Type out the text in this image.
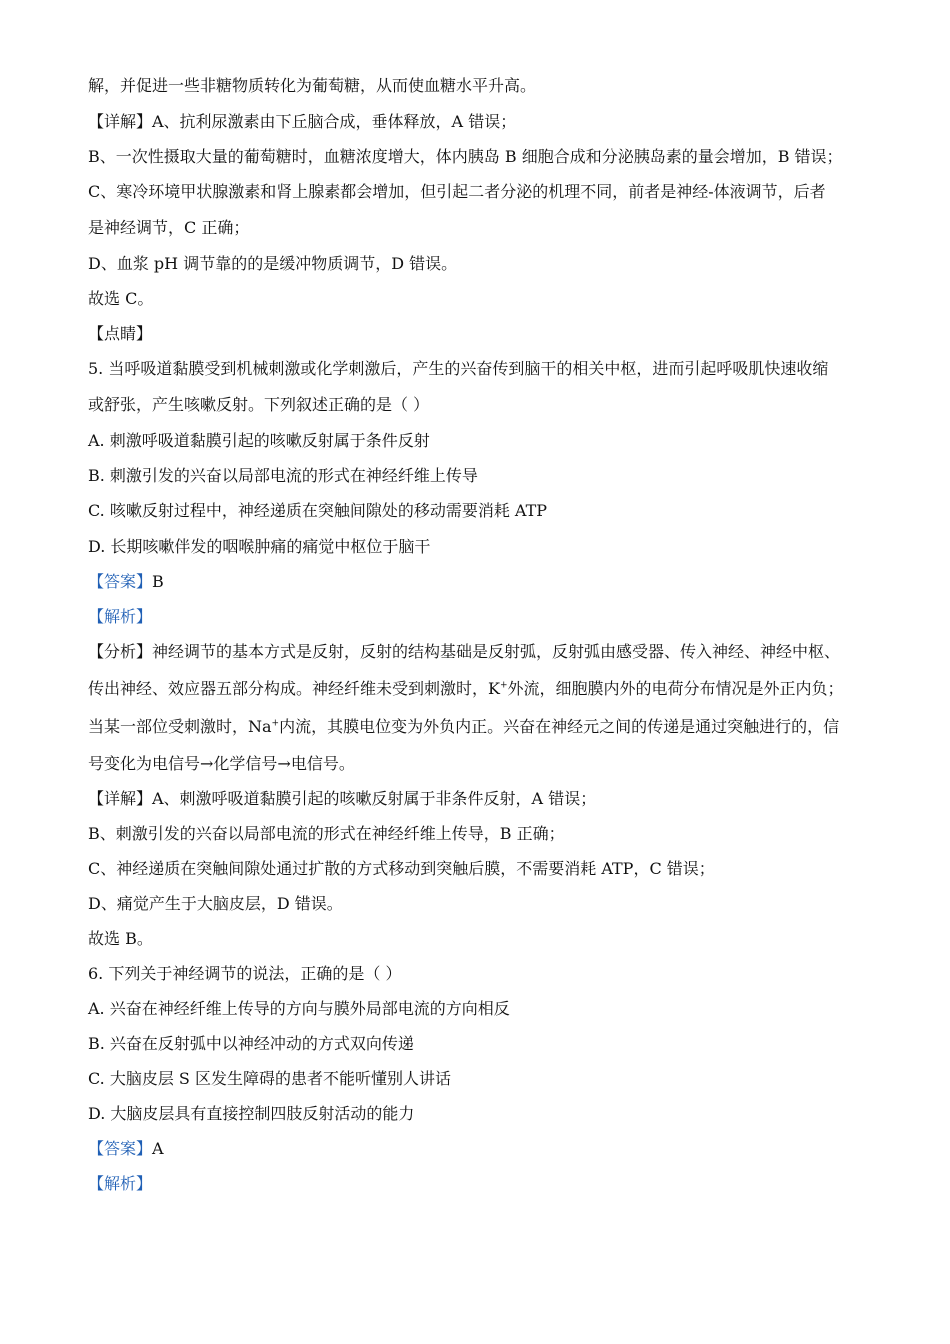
解，并促进一些非糖物质转化为葡萄糖，从而使血糖水平升高。
【详解】A、抗利尿激素由下丘脑合成，垂体释放，A 错误；
B、一次性摄取大量的葡萄糖时，血糖浓度增大，体内胰岛 B 细胞合成和分泌胰岛素的量会增加，B 错误；
C、寒冷环境甲状腺激素和肾上腺素都会增加，但引起二者分泌的机理不同，前者是神经-体液调节，后者
是神经调节，C 正确；
D、血浆 pH 调节靠的的是缓冲物质调节，D 错误。
故选 C。
【点睛】
5. 当呼吸道黏膜受到机械刺激或化学刺激后，产生的兴奋传到脑干的相关中枢，进而引起呼吸肌快速收缩
或舒张，产生咳嗽反射。下列叙述正确的是（ ）
A. 刺激呼吸道黏膜引起的咳嗽反射属于条件反射
B. 刺激引发的兴奋以局部电流的形式在神经纤维上传导
C. 咳嗽反射过程中，神经递质在突触间隙处的移动需要消耗 ATP
D. 长期咳嗽伴发的咽喉肿痛的痛觉中枢位于脑干
【答案】B
【解析】
【分析】神经调节的基本方式是反射，反射的结构基础是反射弧，反射弧由感受器、传入神经、神经中枢、
传出神经、效应器五部分构成。神经纤维未受到刺激时，K+外流，细胞膜内外的电荷分布情况是外正内负；
当某一部位受刺激时，Na+内流，其膜电位变为外负内正。兴奋在神经元之间的传递是通过突触进行的，信
号变化为电信号→化学信号→电信号。
【详解】A、刺激呼吸道黏膜引起的咳嗽反射属于非条件反射，A 错误；
B、刺激引发的兴奋以局部电流的形式在神经纤维上传导，B 正确；
C、神经递质在突触间隙处通过扩散的方式移动到突触后膜，不需要消耗 ATP，C 错误；
D、痛觉产生于大脑皮层，D 错误。
故选 B。
6. 下列关于神经调节的说法，正确的是（ ）
A. 兴奋在神经纤维上传导的方向与膜外局部电流的方向相反
B. 兴奋在反射弧中以神经冲动的方式双向传递
C. 大脑皮层 S 区发生障碍的患者不能听懂别人讲话
D. 大脑皮层具有直接控制四肢反射活动的能力
【答案】A
【解析】
